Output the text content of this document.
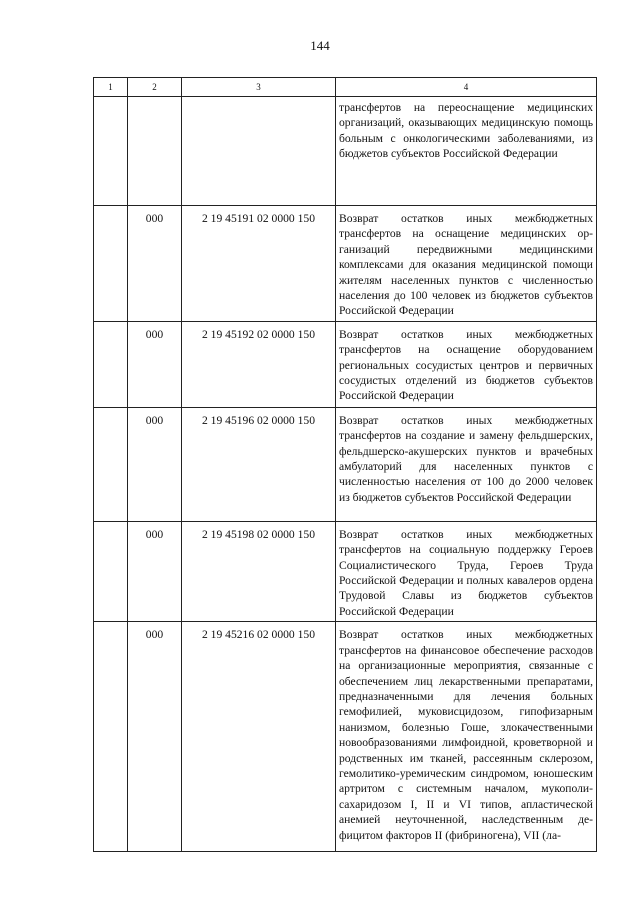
144
1	2	3	4
			трансфертов на переоснащение медицинских организаций, оказывающих медицинскую помощь больным с онкологическими заболеваниями, из бюджетов субъектов Российской Федерации
	000	2 19 45191 02 0000 150	Возврат остатков иных межбюджетных трансфертов на оснащение медицинских организаций передвижными медицинскими комплексами для оказания медицинской помощи жителям населенных пунктов с численностью населения до 100 человек из бюджетов субъектов Российской Федерации
	000	2 19 45192 02 0000 150	Возврат остатков иных межбюджетных трансфертов на оснащение оборудованием региональных сосудистых центров и первичных сосудистых отделений из бюджетов субъектов Российской Федерации
	000	2 19 45196 02 0000 150	Возврат остатков иных межбюджетных трансфертов на создание и замену фельдшерских, фельдшерско-акушерских пунктов и врачебных амбулаторий для населенных пунктов с численностью населения от 100 до 2000 человек из бюджетов субъектов Российской Федерации
	000	2 19 45198 02 0000 150	Возврат остатков иных межбюджетных трансфертов на социальную поддержку Героев Социалистического Труда, Героев Труда Российской Федерации и полных кавалеров ордена Трудовой Славы из бюджетов субъектов Российской Федерации
	000	2 19 45216 02 0000 150	Возврат остатков иных межбюджетных трансфертов на финансовое обеспечение расходов на организационные мероприятия, связанные с обеспечением лиц лекарственными препаратами, предназначенными для лечения больных гемофилией, муковисцидозом, гипофизарным нанизмом, болезнью Гоше, злокачественными новообразованиями лимфоидной, кроветворной и родственных им тканей, рассеянным склерозом, гемолитико-уремическим синдромом, юношеским артритом с системным началом, мукополисахаридозом I, II и VI типов, апластической анемией неуточненной, наследственным дефицитом факторов II (фибриногена), VII (ла-
